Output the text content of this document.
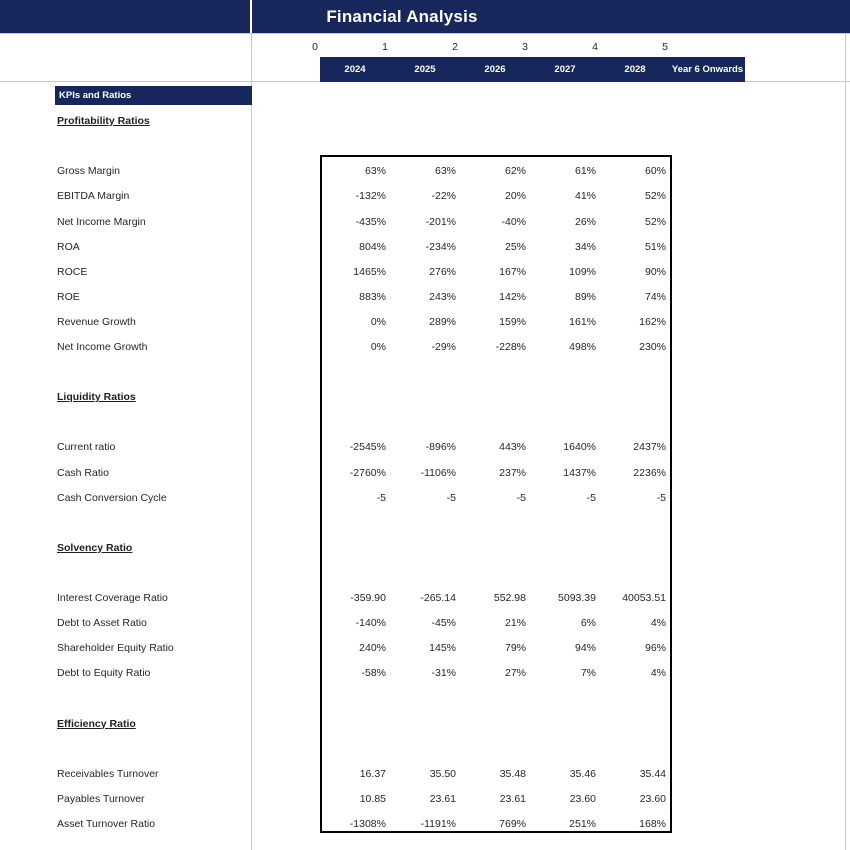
Financial Analysis
0	1	2	3	4	5
2024	2025	2026	2027	2028	Year 6 Onwards
KPIs and Ratios
Profitability Ratios
Gross Margin	63%	63%	62%	61%	60%
EBITDA Margin	-132%	-22%	20%	41%	52%
Net Income Margin	-435%	-201%	-40%	26%	52%
ROA	804%	-234%	25%	34%	51%
ROCE	1465%	276%	167%	109%	90%
ROE	883%	243%	142%	89%	74%
Revenue Growth	0%	289%	159%	161%	162%
Net Income Growth	0%	-29%	-228%	498%	230%
Liquidity Ratios
Current ratio	-2545%	-896%	443%	1640%	2437%
Cash Ratio	-2760%	-1106%	237%	1437%	2236%
Cash Conversion Cycle	-5	-5	-5	-5	-5
Solvency Ratio
Interest Coverage Ratio	-359.90	-265.14	552.98	5093.39	40053.51
Debt to Asset Ratio	-140%	-45%	21%	6%	4%
Shareholder Equity Ratio	240%	145%	79%	94%	96%
Debt to Equity Ratio	-58%	-31%	27%	7%	4%
Efficiency Ratio
Receivables Turnover	16.37	35.50	35.48	35.46	35.44
Payables Turnover	10.85	23.61	23.61	23.60	23.60
Asset Turnover Ratio	-1308%	-1191%	769%	251%	168%
